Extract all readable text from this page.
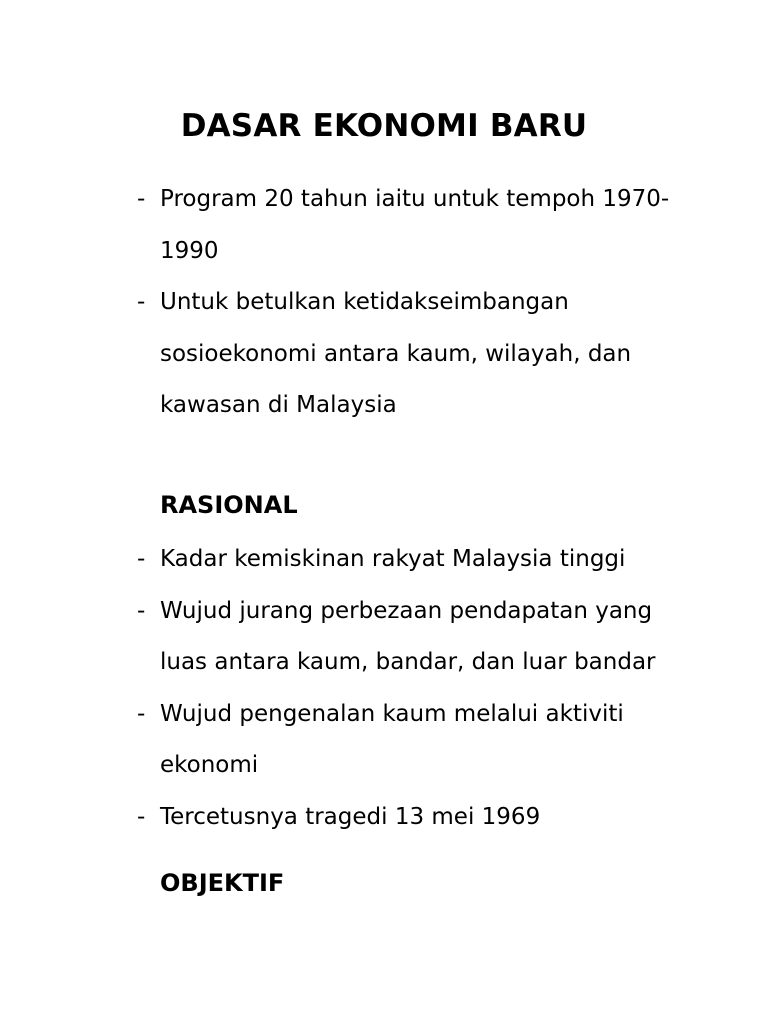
DASAR EKONOMI BARU
- Program 20 tahun iaitu untuk tempoh 1970-1990
- Untuk betulkan ketidakseimbangan sosioekonomi antara kaum, wilayah, dan kawasan di Malaysia
RASIONAL
- Kadar kemiskinan rakyat Malaysia tinggi
- Wujud jurang perbezaan pendapatan yang luas antara kaum, bandar, dan luar bandar
- Wujud pengenalan kaum melalui aktiviti ekonomi
- Tercetusnya tragedi 13 mei 1969
OBJEKTIF
